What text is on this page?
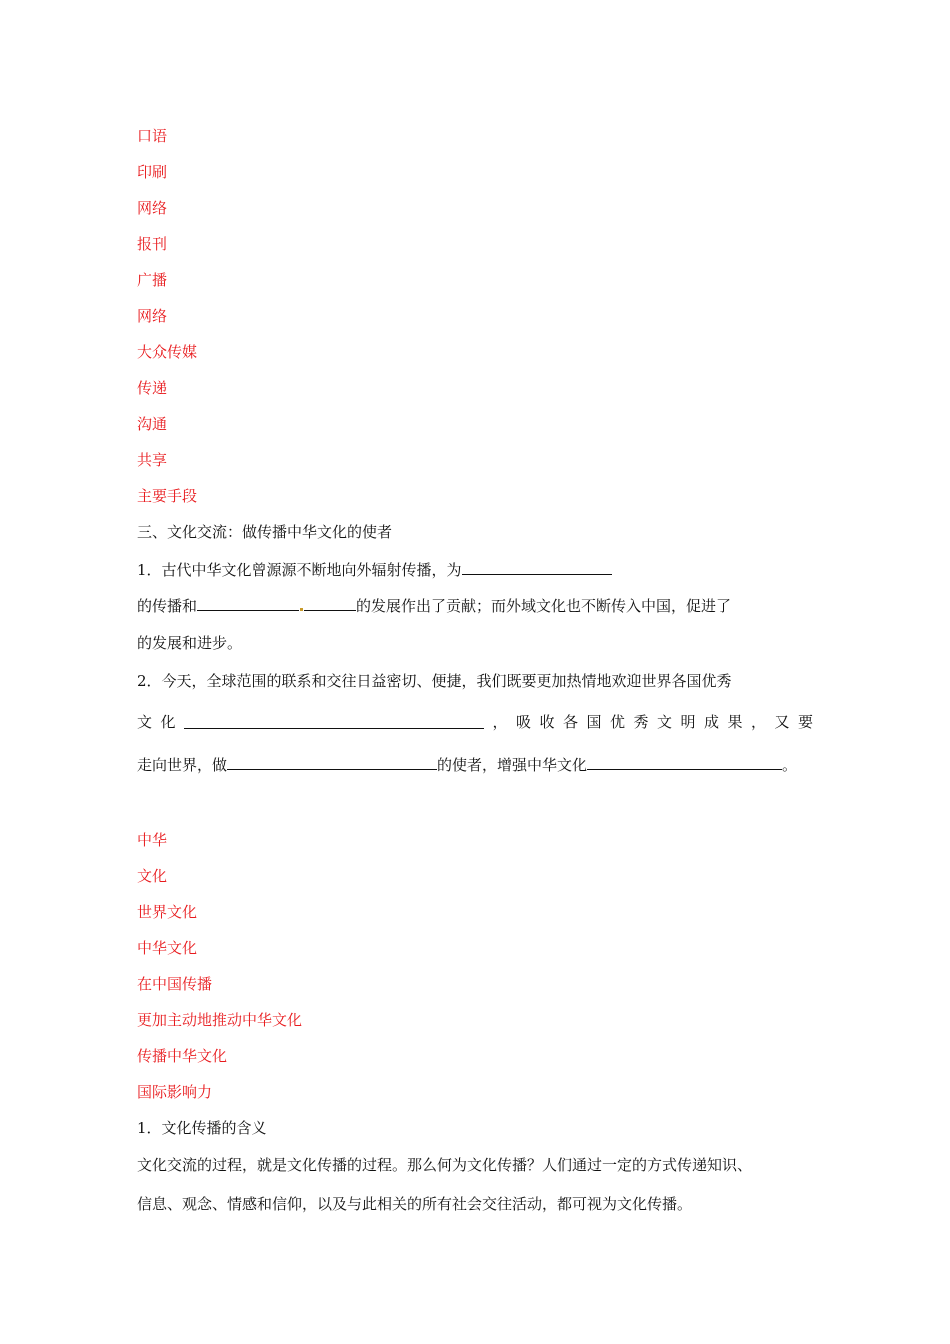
口语
印刷
网络
报刊
广播
网络
大众传媒
传递
沟通
共享
主要手段
三、文化交流：做传播中华文化的使者
1．古代中华文化曾源源不断地向外辐射传播，为
的传播和	的发展作出了贡献；而外域文化也不断传入中国，促进了
的发展和进步。
2．今天，全球范围的联系和交往日益密切、便捷，我们既要更加热情地欢迎世界各国优秀
文 化	， 吸 收 各 国 优 秀 文 明 成 果 ， 又 要
走向世界，做	的使者，增强中华文化	。
中华
文化
世界文化
中华文化
在中国传播
更加主动地推动中华文化
传播中华文化
国际影响力
1．文化传播的含义
文化交流的过程，就是文化传播的过程。那么何为文化传播？人们通过一定的方式传递知识、
信息、观念、情感和信仰，以及与此相关的所有社会交往活动，都可视为文化传播。
